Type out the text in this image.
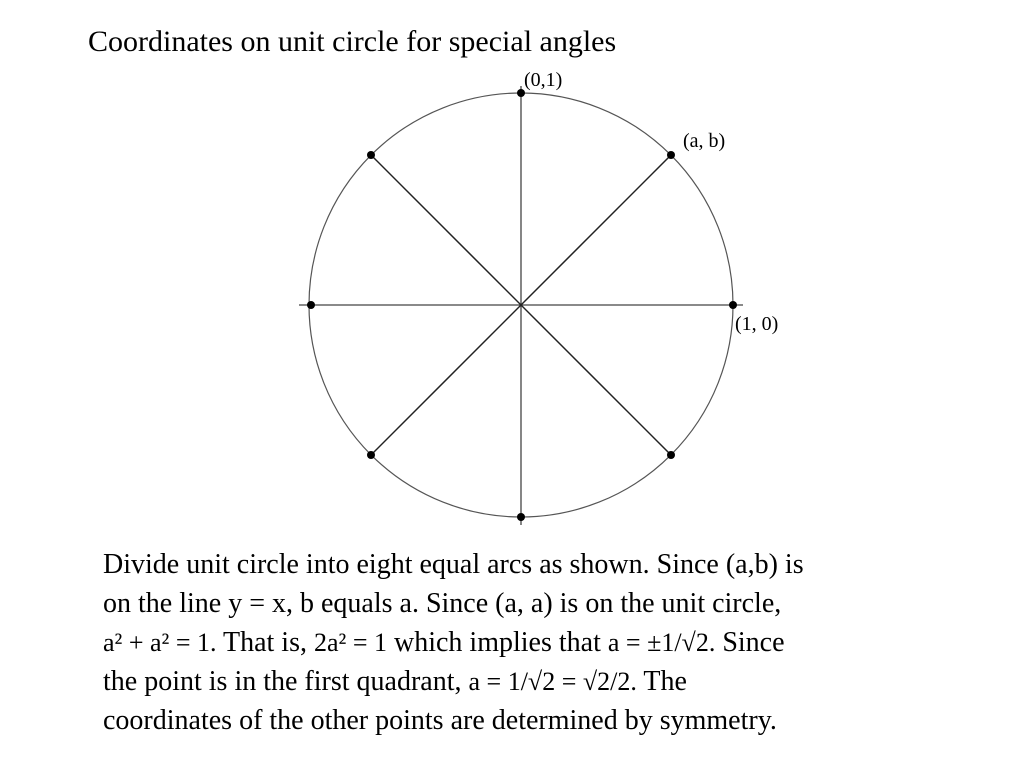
Coordinates on unit circle for special angles
(0,1)
(a, b)
(1, 0)
Divide unit circle into eight equal arcs as shown. Since (a,b) is
on the line y = x, b equals a. Since (a, a) is on the unit circle,
a² + a² = 1. That is, 2a² = 1 which implies that a = ±1/√2. Since
the point is in the first quadrant, a = 1/√2 = √2/2. The
coordinates of the other points are determined by symmetry.
